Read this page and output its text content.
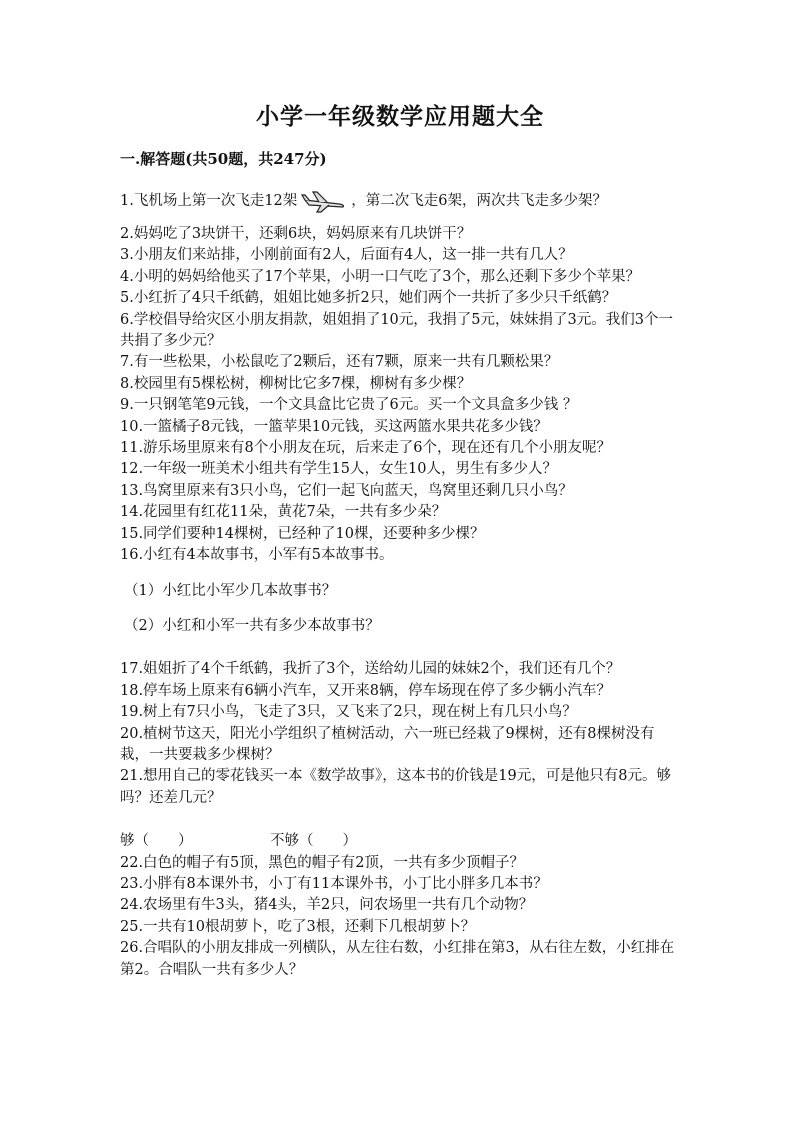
小学一年级数学应用题大全
一.解答题(共50题，共247分)

1.飞机场上第一次飞走12架	，第二次飞走6架，两次共飞走多少架？

2.妈妈吃了3块饼干，还剩6块，妈妈原来有几块饼干？

3.小朋友们来站排，小刚前面有2人，后面有4人，这一排一共有几人？

4.小明的妈妈给他买了17个苹果，小明一口气吃了3个，那么还剩下多少个苹果？

5.小红折了4只千纸鹤，姐姐比她多折2只，她们两个一共折了多少只千纸鹤？

6.学校倡导给灾区小朋友捐款，姐姐捐了10元，我捐了5元，妹妹捐了3元。我们3个一共捐了多少元？

7.有一些松果，小松鼠吃了2颗后，还有7颗，原来一共有几颗松果？

8.校园里有5棵松树，柳树比它多7棵，柳树有多少棵？

9.一只钢笔笔9元钱，一个文具盒比它贵了6元。买一个文具盒多少钱 ？

10.一篮橘子8元钱，一篮苹果10元钱，买这两篮水果共花多少钱？

11.游乐场里原来有8个小朋友在玩，后来走了6个，现在还有几个小朋友呢？

12.一年级一班美术小组共有学生15人，女生10人，男生有多少人？

13.鸟窝里原来有3只小鸟，它们一起飞向蓝天，鸟窝里还剩几只小鸟？

14.花园里有红花11朵，黄花7朵，一共有多少朵？

15.同学们要种14棵树，已经种了10棵，还要种多少棵？

16.小红有4本故事书，小军有5本故事书。

（1）小红比小军少几本故事书？

（2）小红和小军一共有多少本故事书？

17.姐姐折了4个千纸鹤，我折了3个，送给幼儿园的妹妹2个，我们还有几个？

18.停车场上原来有6辆小汽车，又开来8辆，停车场现在停了多少辆小汽车？

19.树上有7只小鸟，飞走了3只，又飞来了2只，现在树上有几只小鸟？

20.植树节这天，阳光小学组织了植树活动，六一班已经栽了9棵树，还有8棵树没有栽，一共要栽多少棵树？

21.想用自己的零花钱买一本《数学故事》，这本书的价钱是19元，可是他只有8元。够吗？还差几元？

够（　　）	不够（　　）

22.白色的帽子有5顶，黑色的帽子有2顶，一共有多少顶帽子？

23.小胖有8本课外书，小丁有11本课外书，小丁比小胖多几本书？

24.农场里有牛3头，猪4头，羊2只，问农场里一共有几个动物？

25.一共有10根胡萝卜，吃了3根，还剩下几根胡萝卜？

26.合唱队的小朋友排成一列横队，从左往右数，小红排在第3，从右往左数，小红排在第2。合唱队一共有多少人？
